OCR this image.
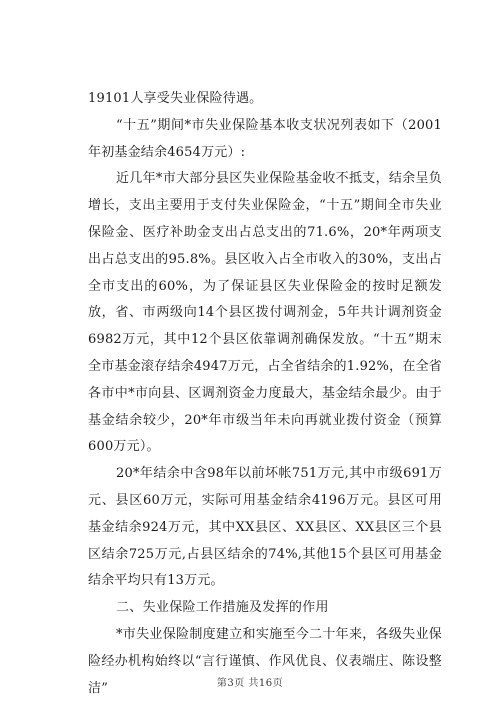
19101人享受失业保险待遇。

“十五”期间*市失业保险基本收支状况列表如下（2001年初基金结余4654万元）:

近几年*市大部分县区失业保险基金收不抵支，结余呈负增长，支出主要用于支付失业保险金，“十五”期间全市失业保险金、医疗补助金支出占总支出的71.6%，20*年两项支出占总支出的95.8%。县区收入占全市收入的30%，支出占全市支出的60%，为了保证县区失业保险金的按时足额发放，省、市两级向14个县区拨付调剂金，5年共计调剂资金6982万元，其中12个县区依靠调剂确保发放。“十五”期末全市基金滚存结余4947万元，占全省结余的1.92%，在全省各市中*市向县、区调剂资金力度最大，基金结余最少。由于基金结余较少，20*年市级当年未向再就业拨付资金（预算600万元）。

20*年结余中含98年以前坏帐751万元,其中市级691万元、县区60万元，实际可用基金结余4196万元。县区可用基金结余924万元，其中XX县区、XX县区、XX县区三个县区结余725万元,占县区结余的74%,其他15个县区可用基金结余平均只有13万元。

二、失业保险工作措施及发挥的作用

*市失业保险制度建立和实施至今二十年来，各级失业保险经办机构始终以“言行谨慎、作风优良、仪表端庄、陈设整洁”	第3页 共16页
